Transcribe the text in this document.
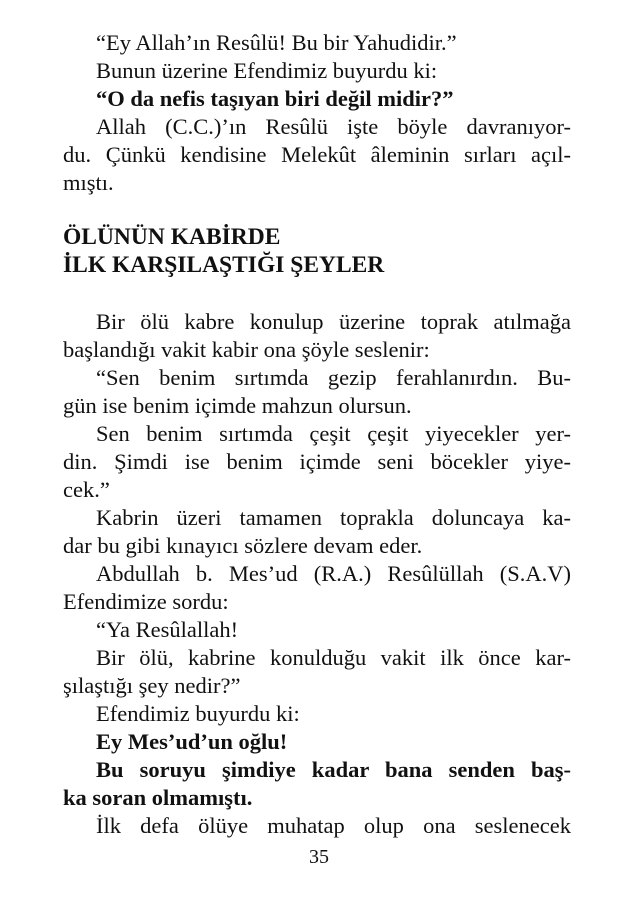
“Ey Allah’ın Resûlü! Bu bir Yahudidir.”
Bunun üzerine Efendimiz buyurdu ki:
“O da nefis taşıyan biri değil midir?”
Allah (C.C.)’ın Resûlü işte böyle davranıyor-
du. Çünkü kendisine Melekût âleminin sırları açıl-
mıştı.
ÖLÜNÜN KABİRDE
İLK KARŞILAŞTIĞI ŞEYLER
Bir ölü kabre konulup üzerine toprak atılmağa
başlandığı vakit kabir ona şöyle seslenir:
“Sen benim sırtımda gezip ferahlanırdın. Bu-
gün ise benim içimde mahzun olursun.
Sen benim sırtımda çeşit çeşit yiyecekler yer-
din. Şimdi ise benim içimde seni böcekler yiye-
cek.”
Kabrin üzeri tamamen toprakla doluncaya ka-
dar bu gibi kınayıcı sözlere devam eder.
Abdullah b. Mes’ud (R.A.) Resûlüllah (S.A.V)
Efendimize sordu:
“Ya Resûlallah!
Bir ölü, kabrine konulduğu vakit ilk önce kar-
şılaştığı şey nedir?”
Efendimiz buyurdu ki:
Ey Mes’ud’un oğlu!
Bu soruyu şimdiye kadar bana senden baş-
ka soran olmamıştı.
İlk defa ölüye muhatap olup ona seslenecek
35
